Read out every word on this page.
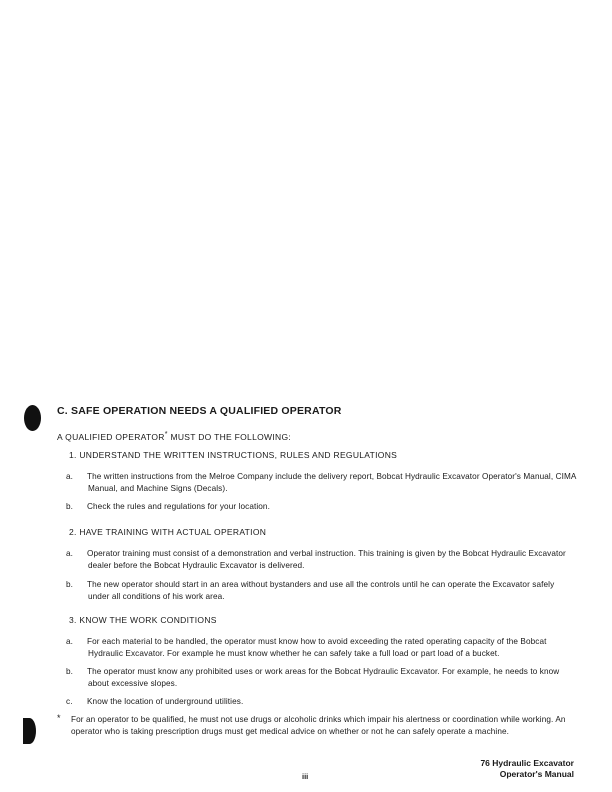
C. SAFE OPERATION NEEDS A QUALIFIED OPERATOR

A QUALIFIED OPERATOR* MUST DO THE FOLLOWING:

1. UNDERSTAND THE WRITTEN INSTRUCTIONS, RULES AND REGULATIONS

a. The written instructions from the Melroe Company include the delivery report, Bobcat Hydraulic Excavator Operator's Manual, CIMA Manual, and Machine Signs (Decals).
b. Check the rules and regulations for your location.

2. HAVE TRAINING WITH ACTUAL OPERATION

a. Operator training must consist of a demonstration and verbal instruction. This training is given by the Bobcat Hydraulic Excavator dealer before the Bobcat Hydraulic Excavator is delivered.
b. The new operator should start in an area without bystanders and use all the controls until he can operate the Excavator safely under all conditions of his work area.

3. KNOW THE WORK CONDITIONS

a. For each material to be handled, the operator must know how to avoid exceeding the rated operating capacity of the Bobcat Hydraulic Excavator. For example he must know whether he can safely take a full load or part load of a bucket.
b. The operator must know any prohibited uses or work areas for the Bobcat Hydraulic Excavator. For example, he needs to know about excessive slopes.
c. Know the location of underground utilities.
*	For an operator to be qualified, he must not use drugs or alcoholic drinks which impair his alertness or coordination while working. An operator who is taking prescription drugs must get medical advice on whether or not he can safely operate a machine.

76 Hydraulic Excavator

Operator's Manual

iii
